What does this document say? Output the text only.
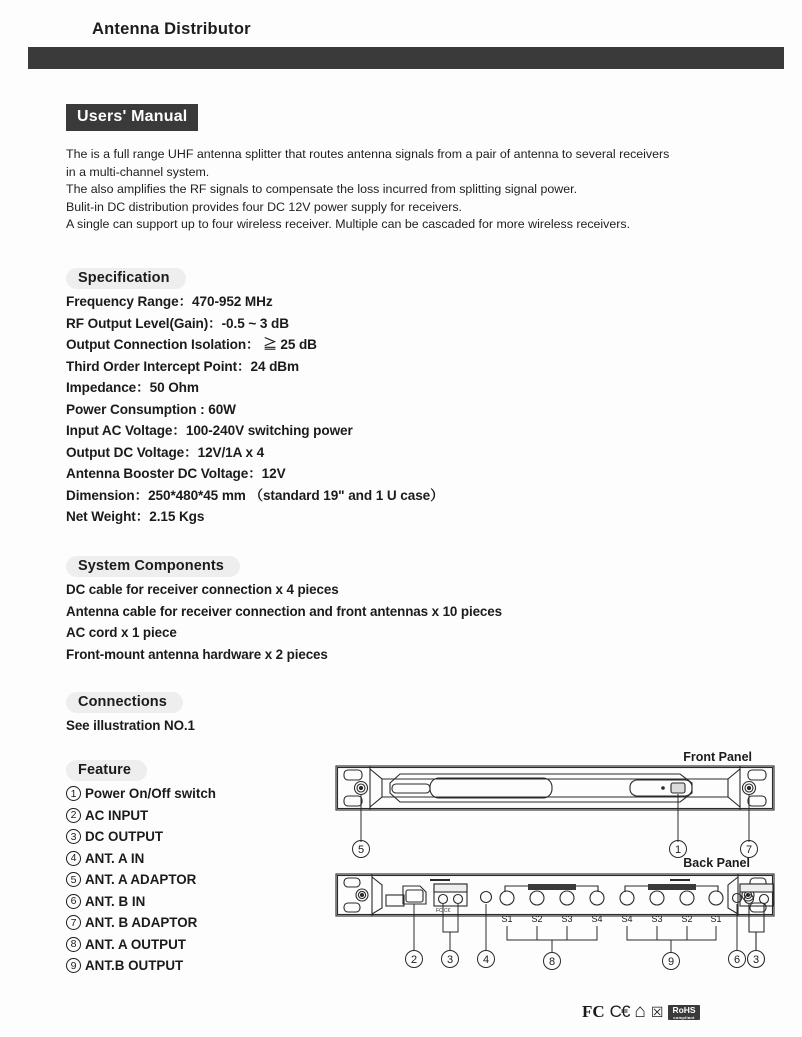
Antenna Distributor
Users' Manual
The is a full range UHF antenna splitter that routes antenna signals from a pair of antenna to several receivers
in a multi-channel system.
The also amplifies the RF signals to compensate the loss incurred from splitting signal power.
Bulit-in DC distribution provides four DC 12V power supply for receivers.
A single can support up to four wireless receiver. Multiple can be cascaded for more wireless receivers.
Specification
Frequency Range：470-952 MHz
RF Output Level(Gain)：-0.5 ~ 3 dB
Output Connection Isolation： ≧ 25 dB
Third Order Intercept Point：24 dBm
Impedance：50 Ohm
Power Consumption : 60W
Input AC Voltage：100-240V switching power
Output DC Voltage：12V/1A x 4
Antenna Booster DC Voltage：12V
Dimension：250*480*45 mm （standard 19" and 1 U case）
Net Weight：2.15 Kgs
System Components
DC cable for receiver connection x 4 pieces
Antenna cable for receiver connection and front antennas x 10 pieces
AC cord x 1 piece
Front-mount antenna hardware x 2 pieces
Connections
See illustration NO.1
Feature
1 Power On/Off switch
2 AC INPUT
3 DC OUTPUT
4 ANT. A IN
5 ANT. A ADAPTOR
6 ANT. B IN
7 ANT. B ADAPTOR
8 ANT. A OUTPUT
9 ANT.B OUTPUT
Front Panel
5	1	7
Back Panel
FC C€
S1 S2 S3 S4 S4 S3 S2 S1
2	3	4	8	9	6 3
FC C€ ⌂ ☒	RoHS
compliant
